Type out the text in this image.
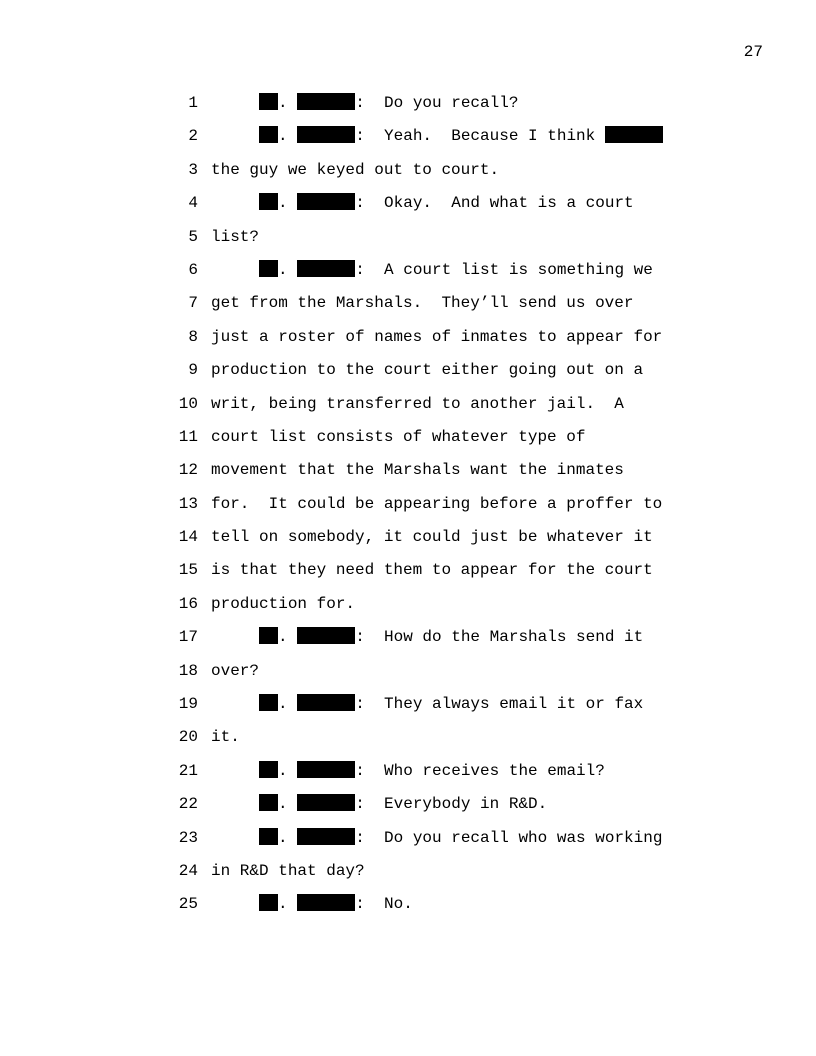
27
1	.	:  Do you recall?
2	.	:  Yeah.  Because I think
3 the guy we keyed out to court.
4	.	:  Okay.  And what is a court
5 list?
6	.	:  A court list is something we
7 get from the Marshals.  They’ll send us over
8 just a roster of names of inmates to appear for
9 production to the court either going out on a
10 writ, being transferred to another jail.  A
11 court list consists of whatever type of
12 movement that the Marshals want the inmates
13 for.  It could be appearing before a proffer to
14 tell on somebody, it could just be whatever it
15 is that they need them to appear for the court
16 production for.
17	.	:  How do the Marshals send it
18 over?
19	.	:  They always email it or fax
20 it.
21	.	:  Who receives the email?
22	.	:  Everybody in R&D.
23	.	:  Do you recall who was working
24 in R&D that day?
25	.	:  No.
